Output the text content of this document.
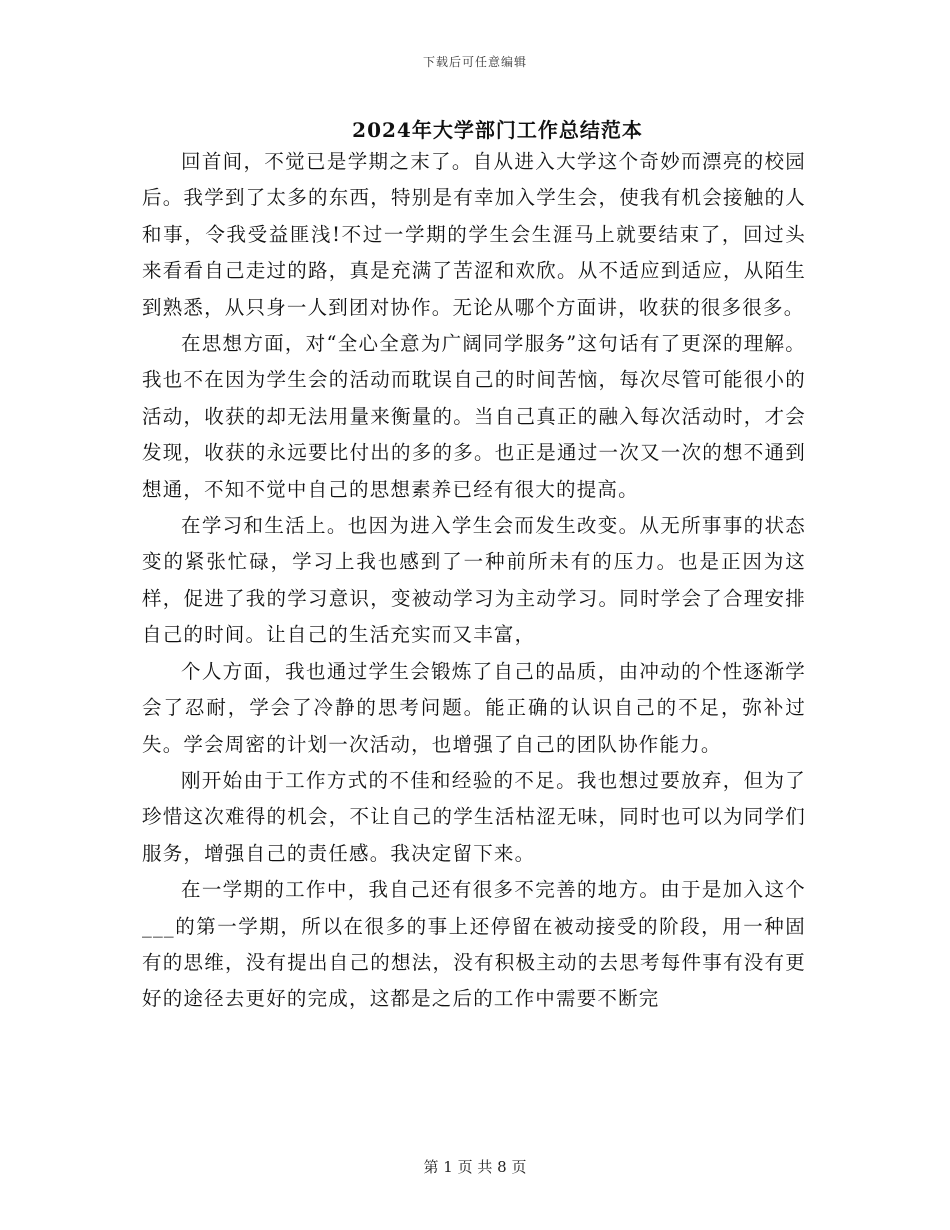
下载后可任意编辑
2024年大学部门工作总结范本

回首间，不觉已是学期之末了。自从进入大学这个奇妙而漂亮的校园后。我学到了太多的东西，特别是有幸加入学生会，使我有机会接触的人和事，令我受益匪浅!不过一学期的学生会生涯马上就要结束了，回过头来看看自己走过的路，真是充满了苦涩和欢欣。从不适应到适应，从陌生到熟悉，从只身一人到团对协作。无论从哪个方面讲，收获的很多很多。

在思想方面，对“全心全意为广阔同学服务”这句话有了更深的理解。我也不在因为学生会的活动而耽误自己的时间苦恼，每次尽管可能很小的活动，收获的却无法用量来衡量的。当自己真正的融入每次活动时，才会发现，收获的永远要比付出的多的多。也正是通过一次又一次的想不通到想通，不知不觉中自己的思想素养已经有很大的提高。

在学习和生活上。也因为进入学生会而发生改变。从无所事事的状态变的紧张忙碌，学习上我也感到了一种前所未有的压力。也是正因为这样，促进了我的学习意识，变被动学习为主动学习。同时学会了合理安排自己的时间。让自己的生活充实而又丰富，

个人方面，我也通过学生会锻炼了自己的品质，由冲动的个性逐渐学会了忍耐，学会了冷静的思考问题。能正确的认识自己的不足，弥补过失。学会周密的计划一次活动，也增强了自己的团队协作能力。

刚开始由于工作方式的不佳和经验的不足。我也想过要放弃，但为了珍惜这次难得的机会，不让自己的学生活枯涩无味，同时也可以为同学们服务，增强自己的责任感。我决定留下来。

在一学期的工作中，我自己还有很多不完善的地方。由于是加入这个___的第一学期，所以在很多的事上还停留在被动接受的阶段，用一种固有的思维，没有提出自己的想法，没有积极主动的去思考每件事有没有更好的途径去更好的完成，这都是之后的工作中需要不断完

第 1 页 共 8 页
